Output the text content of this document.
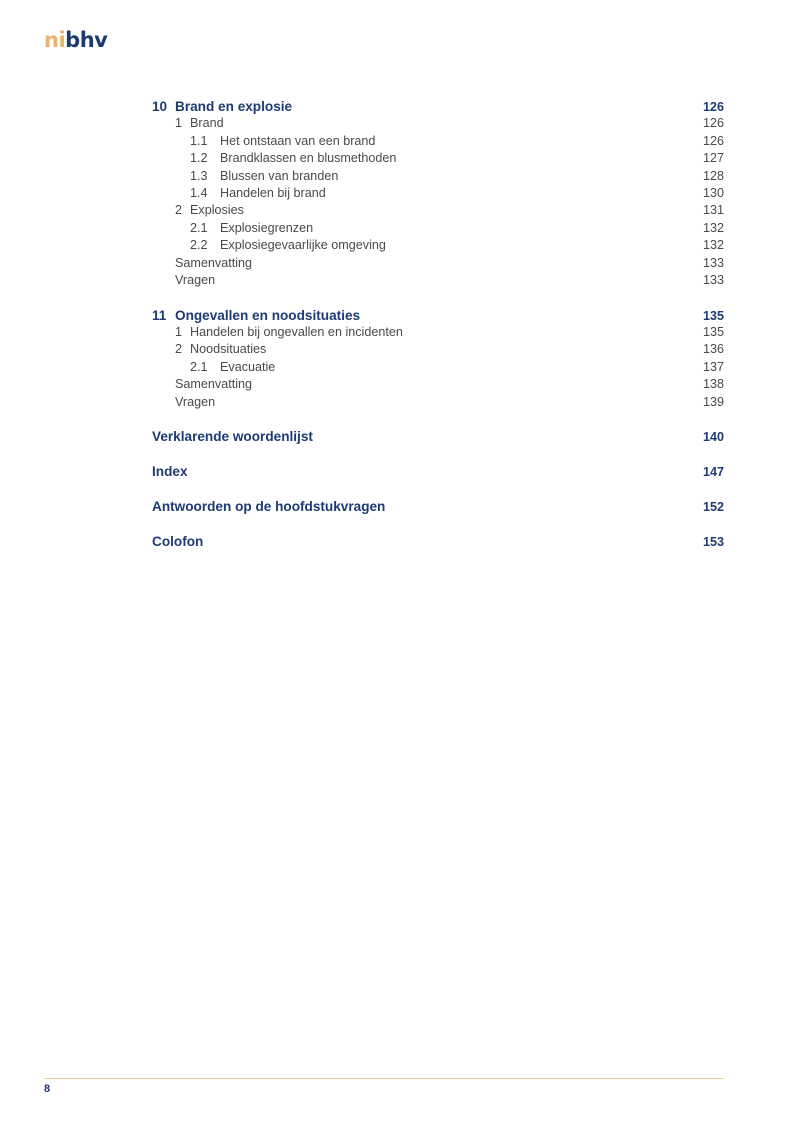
nibhv
10 Brand en explosie	126
1 Brand	126
1.1 Het ontstaan van een brand	126
1.2 Brandklassen en blusmethoden	127
1.3 Blussen van branden	128
1.4 Handelen bij brand	130
2 Explosies	131
2.1 Explosiegrenzen	132
2.2 Explosiegevaarlijke omgeving	132
Samenvatting	133
Vragen	133
11 Ongevallen en noodsituaties	135
1 Handelen bij ongevallen en incidenten	135
2 Noodsituaties	136
2.1 Evacuatie	137
Samenvatting	138
Vragen	139
Verklarende woordenlijst	140
Index	147
Antwoorden op de hoofdstukvragen	152
Colofon	153
8
